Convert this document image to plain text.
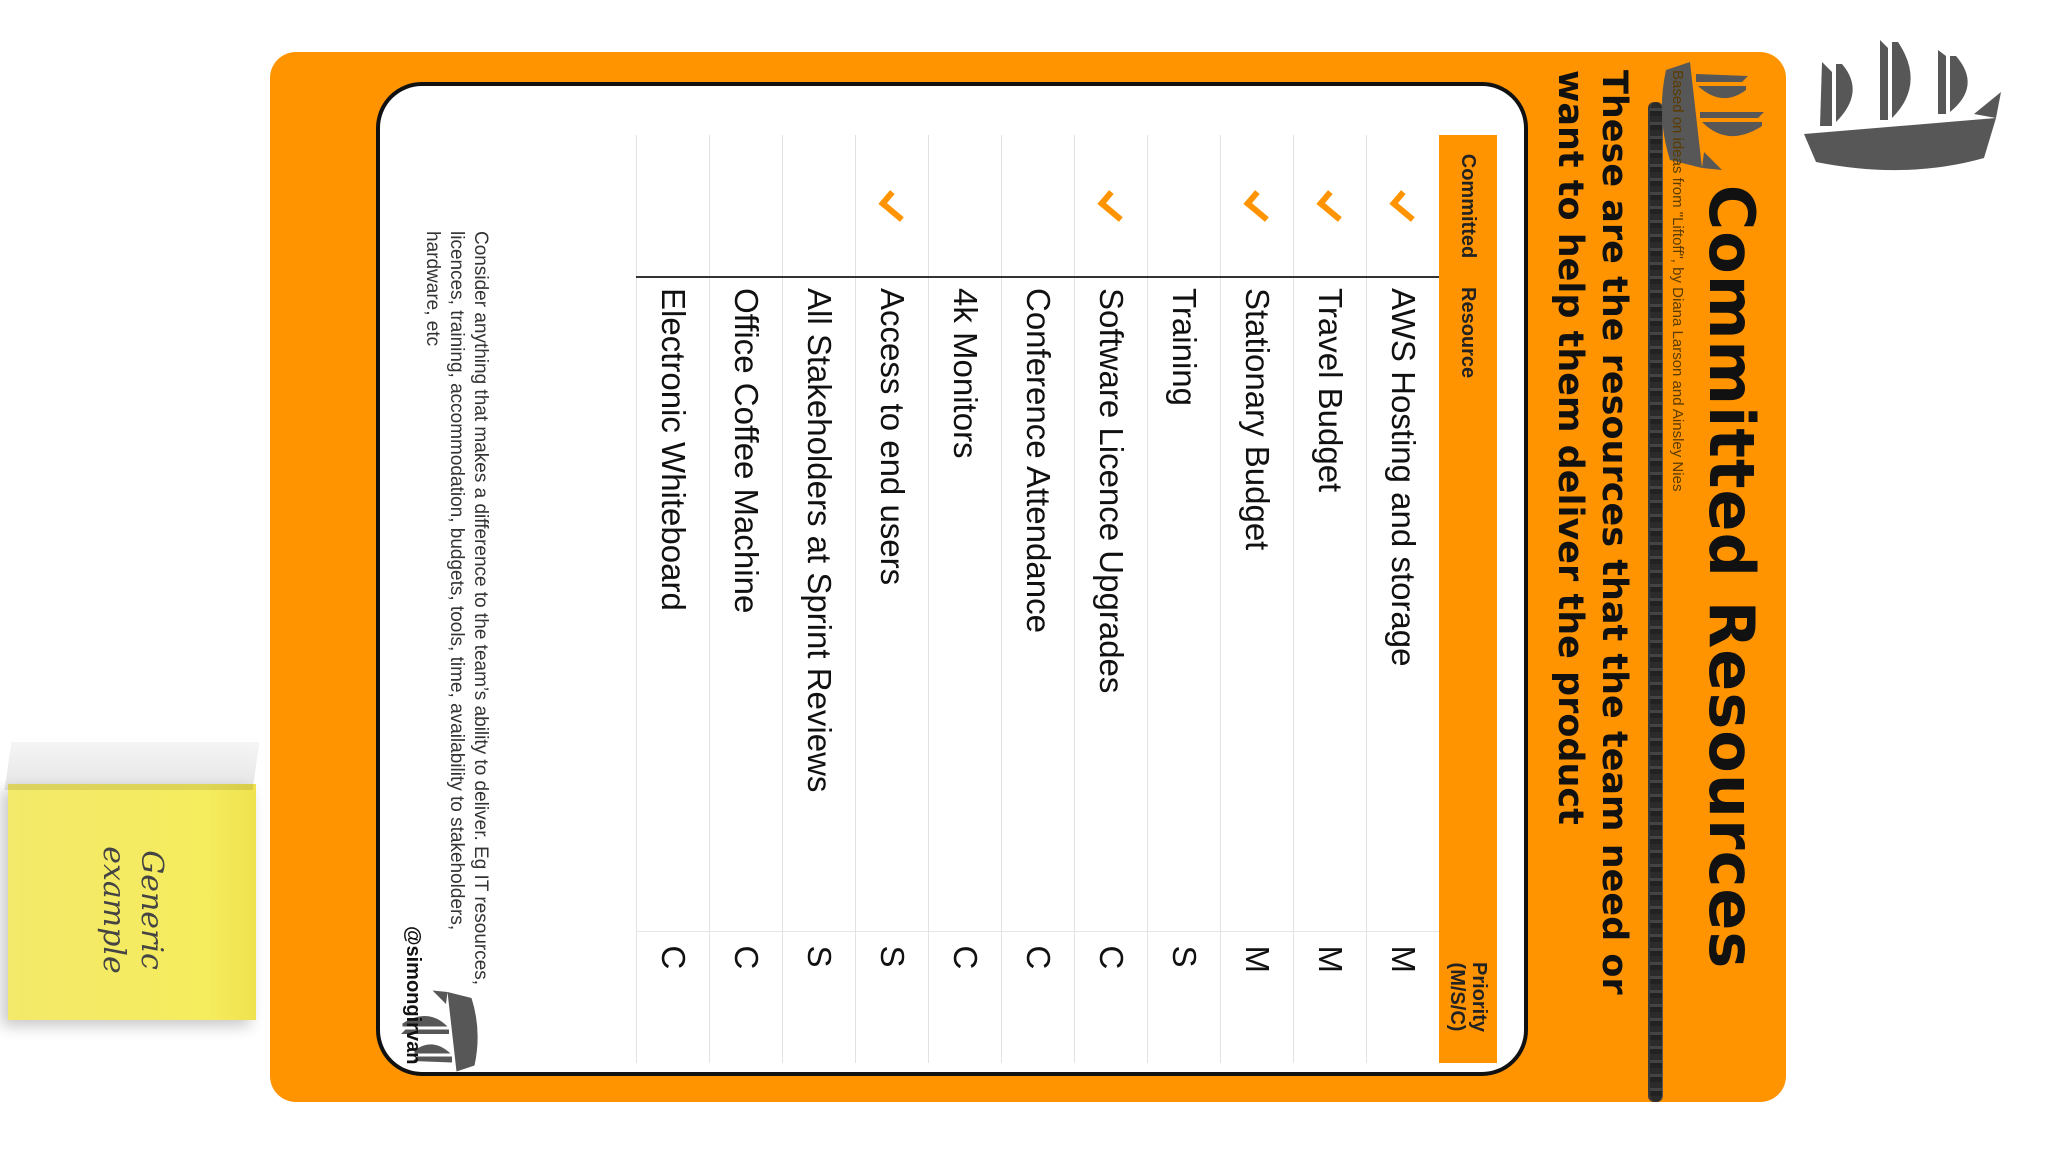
Generic
example	Committed Resources
Based on ideas from "Liftoff", by Diana Larson and Ainsley Nies
These are the resources that the team need or want to help them deliver the product
Committed	Resource	Priority (M/S/C)
	AWS Hosting and storage	M
	Travel Budget	M
	Stationary Budget	M
	Training	S
	Software Licence Upgrades	C
	Conference Attendance	C
	4k Monitors	C
	Access to end users	S
	All Stakeholders at Sprint Reviews	S
	Office Coffee Machine	C
	Electronic Whiteboard	C
Consider anything that makes a difference to the team’s ability to deliver. Eg IT resources, licences, training, accommodation, budgets, tools, time, availability to stakeholders, hardware, etc
@simongirvan
